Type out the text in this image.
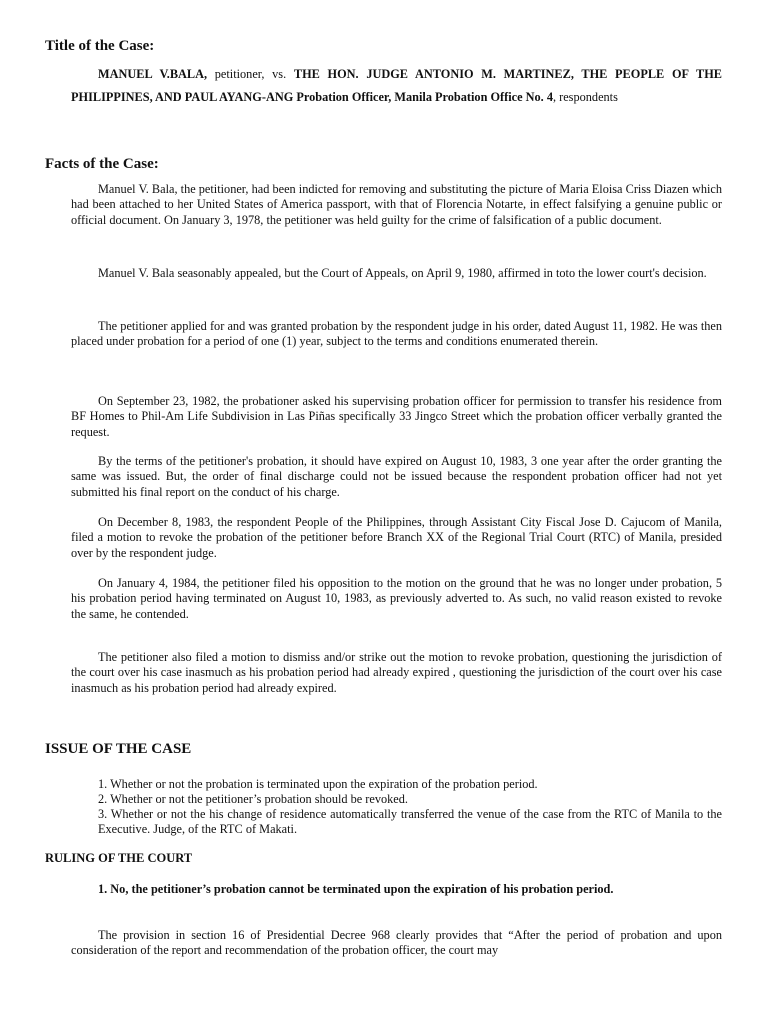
Title of the Case:

MANUEL V.BALA, petitioner, vs. THE HON. JUDGE ANTONIO M. MARTINEZ, THE PEOPLE OF THE PHILIPPINES, AND PAUL AYANG-ANG Probation Officer, Manila Probation Office No. 4, respondents

Facts of the Case:

Manuel V. Bala, the petitioner, had been indicted for removing and substituting the picture of Maria Eloisa Criss Diazen which had been attached to her United States of America passport, with that of Florencia Notarte, in effect falsifying a genuine public or official document. On January 3, 1978, the petitioner was held guilty for the crime of falsification of a public document.

Manuel V. Bala seasonably appealed, but the Court of Appeals, on April 9, 1980, affirmed in toto the lower court's decision.

The petitioner applied for and was granted probation by the respondent judge in his order, dated August 11, 1982. He was then placed under probation for a period of one (1) year, subject to the terms and conditions enumerated therein.

On September 23, 1982, the probationer asked his supervising probation officer for permission to transfer his residence from BF Homes to Phil-Am Life Subdivision in Las Piñas specifically 33 Jingco Street which the probation officer verbally granted the request.

By the terms of the petitioner's probation, it should have expired on August 10, 1983, 3 one year after the order granting the same was issued. But, the order of final discharge could not be issued because the respondent probation officer had not yet submitted his final report on the conduct of his charge.

On December 8, 1983, the respondent People of the Philippines, through Assistant City Fiscal Jose D. Cajucom of Manila, filed a motion to revoke the probation of the petitioner before Branch XX of the Regional Trial Court (RTC) of Manila, presided over by the respondent judge.

On January 4, 1984, the petitioner filed his opposition to the motion on the ground that he was no longer under probation, 5 his probation period having terminated on August 10, 1983, as previously adverted to. As such, no valid reason existed to revoke the same, he contended.

The petitioner also filed a motion to dismiss and/or strike out the motion to revoke probation, questioning the jurisdiction of the court over his case inasmuch as his probation period had already expired , questioning the jurisdiction of the court over his case inasmuch as his probation period had already expired.

ISSUE OF THE CASE

1. Whether or not the probation is terminated upon the expiration of the probation period.

2. Whether or not the petitioner’s probation should be revoked.

3. Whether or not the his change of residence automatically transferred the venue of the case from the RTC of Manila to the Executive. Judge, of the RTC of Makati.

RULING OF THE COURT

1. No, the petitioner’s probation cannot be terminated upon the expiration of his probation period.

The provision in section 16 of Presidential Decree 968 clearly provides that “After the period of probation and upon consideration of the report and recommendation of the probation officer, the court may
